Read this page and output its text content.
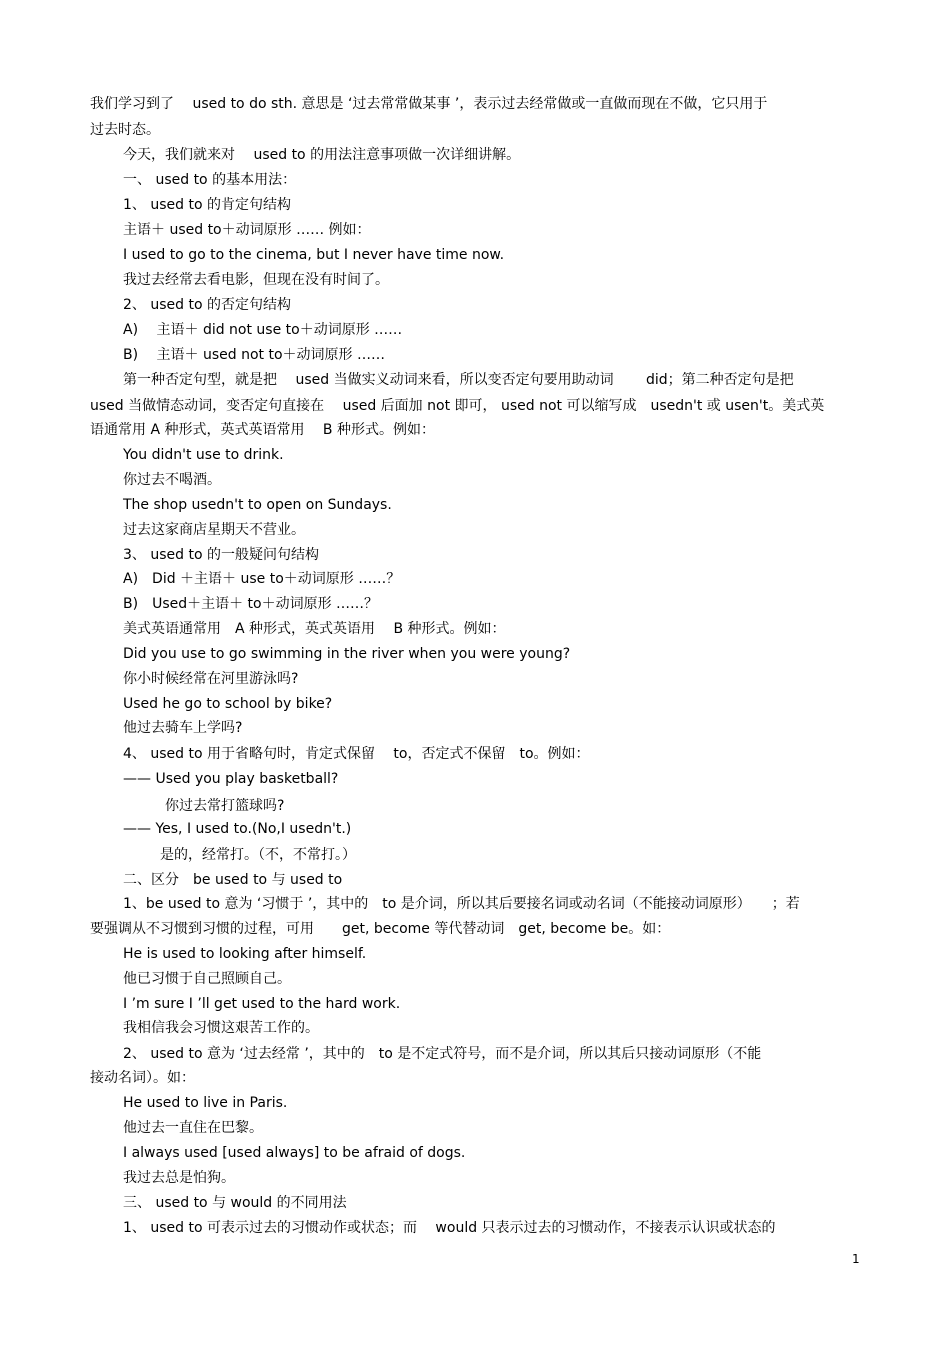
我们学习到了　 used to do sth. 意思是 ‘过去常常做某事 ’，表示过去经常做或一直做而现在不做，它只用于
过去时态。
今天，我们就来对　 used to 的用法注意事项做一次详细讲解。
一、 used to 的基本用法：
1、 used to 的肯定句结构
主语＋ used to＋动词原形 …… 例如：
I used to go to the cinema, but I never have time now.
我过去经常去看电影，但现在没有时间了。
2、 used to 的否定句结构
A)　 主语＋ did not use to＋动词原形 ……
B)　 主语＋ used not to＋动词原形 ……
第一种否定句型，就是把　 used 当做实义动词来看，所以变否定句要用助动词　　 did；第二种否定句是把
used 当做情态动词，变否定句直接在　 used 后面加 not 即可， used not 可以缩写成　usedn't 或 usen't。美式英
语通常用 A 种形式，英式英语常用　 B 种形式。例如：
You didn't use to drink.
你过去不喝酒。
The shop usedn't to open on Sundays.
过去这家商店星期天不营业。
3、 used to 的一般疑问句结构
A)　Did ＋主语＋ use to＋动词原形 ……？
B)　Used＋主语＋ to＋动词原形 ……？
美式英语通常用　A 种形式，英式英语用　 B 种形式。例如：
Did you use to go swimming in the river when you were young?
你小时候经常在河里游泳吗?
Used he go to school by bike?
他过去骑车上学吗?
4、 used to 用于省略句时，肯定式保留　 to，否定式不保留　to。例如：
—— Used you play basketball?
你过去常打篮球吗?
—— Yes, I used to.(No,I usedn't.)
是的，经常打。（不，不常打。）
二、区分　be used to 与 used to
1、be used to 意为 ‘习惯于 ’，其中的　to 是介词，所以其后要接名词或动名词（不能接动词原形）　　；若
要强调从不习惯到习惯的过程，可用　　get, become 等代替动词　get, become be。如：
He is used to looking after himself.
他已习惯于自己照顾自己。
I ’m sure I ’ll get used to the hard work.
我相信我会习惯这艰苦工作的。
2、 used to 意为 ‘过去经常 ’，其中的　to 是不定式符号，而不是介词，所以其后只接动词原形（不能
接动名词）。如：
He used to live in Paris.
他过去一直住在巴黎。
I always used [used always] to be afraid of dogs.
我过去总是怕狗。
三、 used to 与 would 的不同用法
1、 used to 可表示过去的习惯动作或状态；而　 would 只表示过去的习惯动作，不接表示认识或状态的
1
